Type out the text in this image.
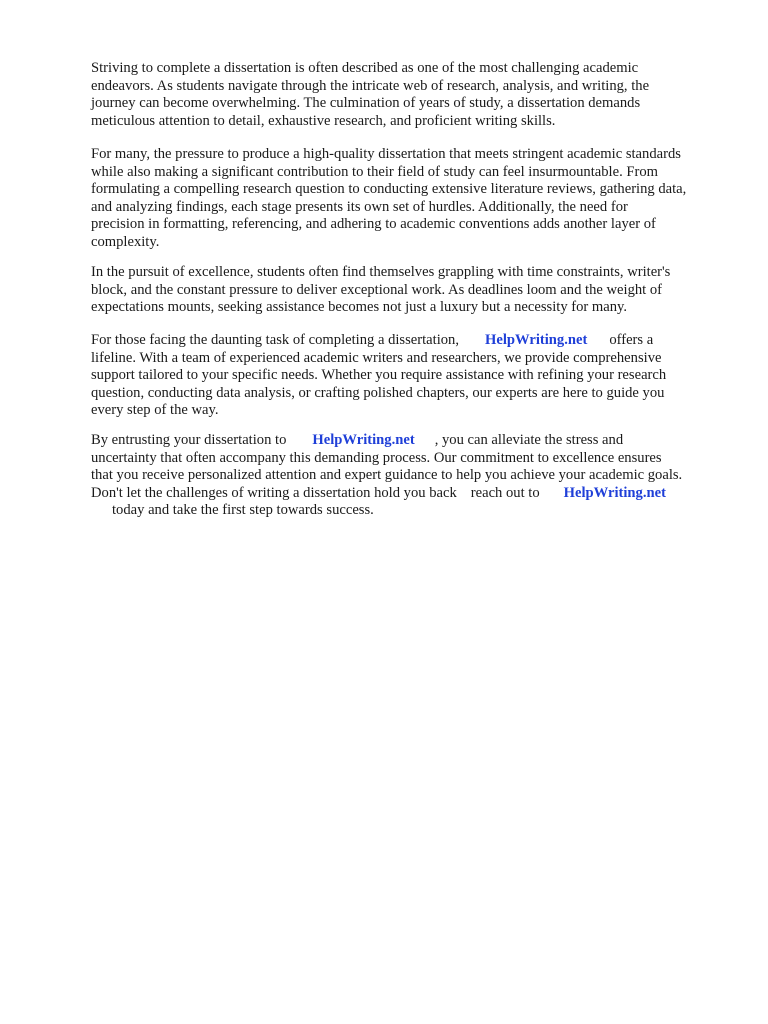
Striving to complete a dissertation is often described as one of the most challenging academic
endeavors. As students navigate through the intricate web of research, analysis, and writing, the
journey can become overwhelming. The culmination of years of study, a dissertation demands
meticulous attention to detail, exhaustive research, and proficient writing skills.

For many, the pressure to produce a high-quality dissertation that meets stringent academic standards
while also making a significant contribution to their field of study can feel insurmountable. From
formulating a compelling research question to conducting extensive literature reviews, gathering data,
and analyzing findings, each stage presents its own set of hurdles. Additionally, the need for
precision in formatting, referencing, and adhering to academic conventions adds another layer of
complexity.

In the pursuit of excellence, students often find themselves grappling with time constraints, writer's
block, and the constant pressure to deliver exceptional work. As deadlines loom and the weight of
expectations mounts, seeking assistance becomes not just a luxury but a necessity for many.

For those facing the daunting task of completing a dissertation, HelpWriting.net offers a
lifeline. With a team of experienced academic writers and researchers, we provide comprehensive
support tailored to your specific needs. Whether you require assistance with refining your research
question, conducting data analysis, or crafting polished chapters, our experts are here to guide you
every step of the way.

By entrusting your dissertation to HelpWriting.net , you can alleviate the stress and
uncertainty that often accompany this demanding process. Our commitment to excellence ensures
that you receive personalized attention and expert guidance to help you achieve your academic goals.
Don't let the challenges of writing a dissertation hold you back reach out to HelpWriting.net
today and take the first step towards success.
